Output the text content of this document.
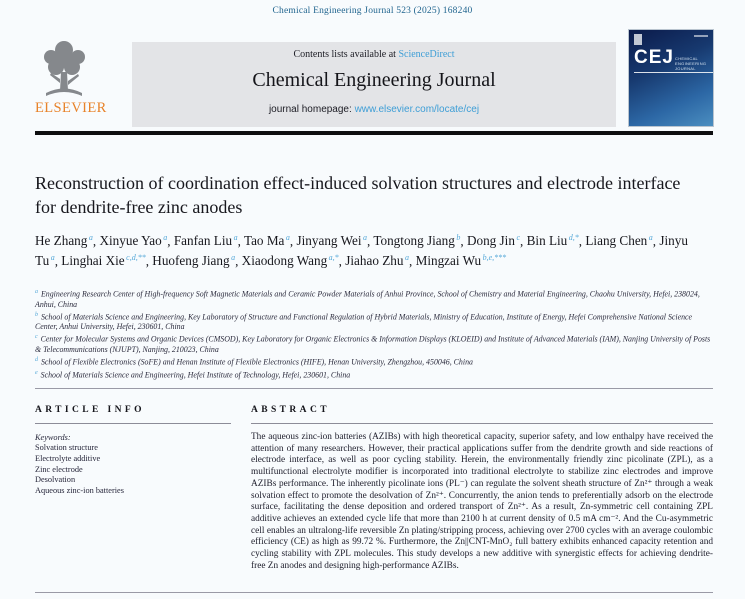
Chemical Engineering Journal 523 (2025) 168240
ELSEVIER
Contents lists available at ScienceDirect
Chemical Engineering Journal
journal homepage: www.elsevier.com/locate/cej
CEJ CHEMICAL ENGINEERING JOURNAL
Reconstruction of coordination effect-induced solvation structures and electrode interface for dendrite-free zinc anodes
He Zhang $^a$, Xinyue Yao $^a$, Fanfan Liu $^a$, Tao Ma $^a$, Jinyang Wei $^a$, Tongtong Jiang $^b$, Dong Jin $^c$, Bin Liu $^{d,*}$, Liang Chen $^a$, Jinyu Tu $^a$, Linghai Xie $^{c,d,**}$, Huofeng Jiang $^a$, Xiaodong Wang $^{a,*}$, Jiahao Zhu $^a$, Mingzai Wu $^{b,e,***}$
$^a$ Engineering Research Center of High-frequency Soft Magnetic Materials and Ceramic Powder Materials of Anhui Province, School of Chemistry and Material Engineering, Chaohu University, Hefei, 238024, Anhui, China
$^b$ School of Materials Science and Engineering, Key Laboratory of Structure and Functional Regulation of Hybrid Materials, Ministry of Education, Institute of Energy, Hefei Comprehensive National Science Center, Anhui University, Hefei, 230601, China
$^c$ Center for Molecular Systems and Organic Devices (CMSOD), Key Laboratory for Organic Electronics & Information Displays (KLOEID) and Institute of Advanced Materials (IAM), Nanjing University of Posts & Telecommunications (NJUPT), Nanjing, 210023, China
$^d$ School of Flexible Electronics (SoFE) and Henan Institute of Flexible Electronics (HIFE), Henan University, Zhengzhou, 450046, China
$^e$ School of Materials Science and Engineering, Hefei Institute of Technology, Hefei, 230601, China
ARTICLE INFO
Keywords:
Solvation structure
Electrolyte additive
Zinc electrode
Desolvation
Aqueous zinc-ion batteries
ABSTRACT
The aqueous zinc-ion batteries (AZIBs) with high theoretical capacity, superior safety, and low enthalpy have received the attention of many researchers. However, their practical applications suffer from the dendrite growth and side reactions of electrode interface, as well as poor cycling stability. Herein, the environmentally friendly zinc picolinate (ZPL), as a multifunctional electrolyte modifier is incorporated into traditional electrolyte to stabilize zinc electrodes and improve AZIBs performance. The inherently picolinate ions (PL⁻) can regulate the solvent sheath structure of Zn²⁺ through a weak solvation effect to promote the desolvation of Zn²⁺. Concurrently, the anion tends to preferentially adsorb on the electrode surface, facilitating the dense deposition and ordered transport of Zn²⁺. As a result, Zn-symmetric cell containing ZPL additive achieves an extended cycle life that more than 2100 h at current density of 0.5 mA cm⁻². And the Cu-asymmetric cell enables an ultralong-life reversible Zn plating/stripping process, achieving over 2700 cycles with an average coulombic efficiency (CE) as high as 99.72 %. Furthermore, the Zn||CNT-MnO₂ full battery exhibits enhanced capacity retention and cycling stability with ZPL molecules. This study develops a new additive with synergistic effects for achieving dendrite-free Zn anodes and designing high-performance AZIBs.
